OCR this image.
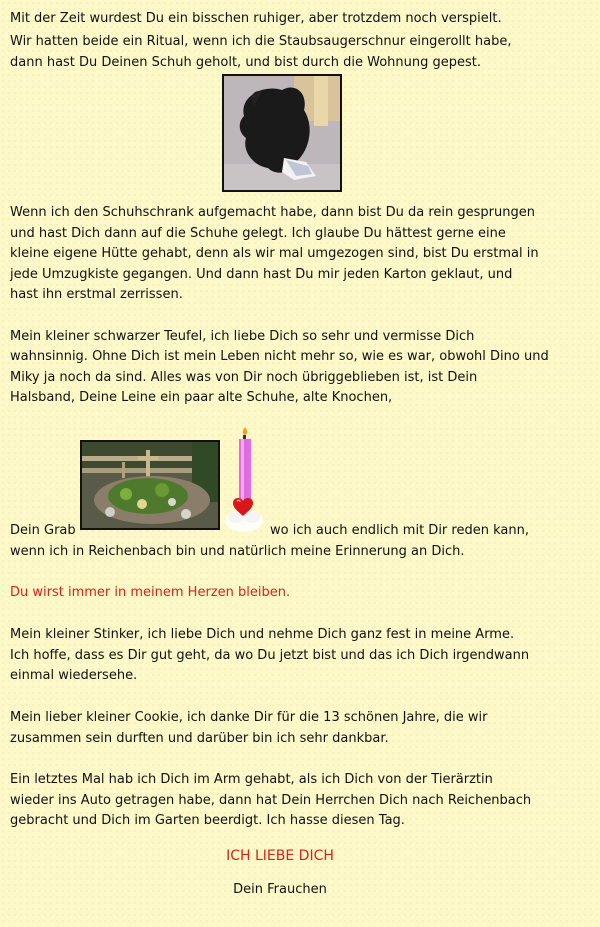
Mit der Zeit wurdest Du ein bisschen ruhiger, aber trotzdem noch verspielt.

Wir hatten beide ein Ritual, wenn ich die Staubsaugerschnur eingerollt habe,

dann hast Du Deinen Schuh geholt, und bist durch die Wohnung gepest.

Wenn ich den Schuhschrank aufgemacht habe, dann bist Du da rein gesprungen

und hast Dich dann auf die Schuhe gelegt. Ich glaube Du hättest gerne eine

kleine eigene Hütte gehabt, denn als wir mal umgezogen sind, bist Du erstmal in

jede Umzugkiste gegangen. Und dann hast Du mir jeden Karton geklaut, und

hast ihn erstmal zerrissen.

Mein kleiner schwarzer Teufel, ich liebe Dich so sehr und vermisse Dich

wahnsinnig. Ohne Dich ist mein Leben nicht mehr so, wie es war, obwohl Dino und

Miky ja noch da sind. Alles was von Dir noch übriggeblieben ist, ist Dein

Halsband, Deine Leine ein paar alte Schuhe, alte Knochen,

Dein Grab	wo ich auch endlich mit Dir reden kann,

wenn ich in Reichenbach bin und natürlich meine Erinnerung an Dich.

Du wirst immer in meinem Herzen bleiben.

Mein kleiner Stinker, ich liebe Dich und nehme Dich ganz fest in meine Arme.

Ich hoffe, dass es Dir gut geht, da wo Du jetzt bist und das ich Dich irgendwann

einmal wiedersehe.

Mein lieber kleiner Cookie, ich danke Dir für die 13 schönen Jahre, die wir

zusammen sein durften und darüber bin ich sehr dankbar.

Ein letztes Mal hab ich Dich im Arm gehabt, als ich Dich von der Tierärztin

wieder ins Auto getragen habe, dann hat Dein Herrchen Dich nach Reichenbach

gebracht und Dich im Garten beerdigt. Ich hasse diesen Tag.

ICH LIEBE DICH

Dein Frauchen
